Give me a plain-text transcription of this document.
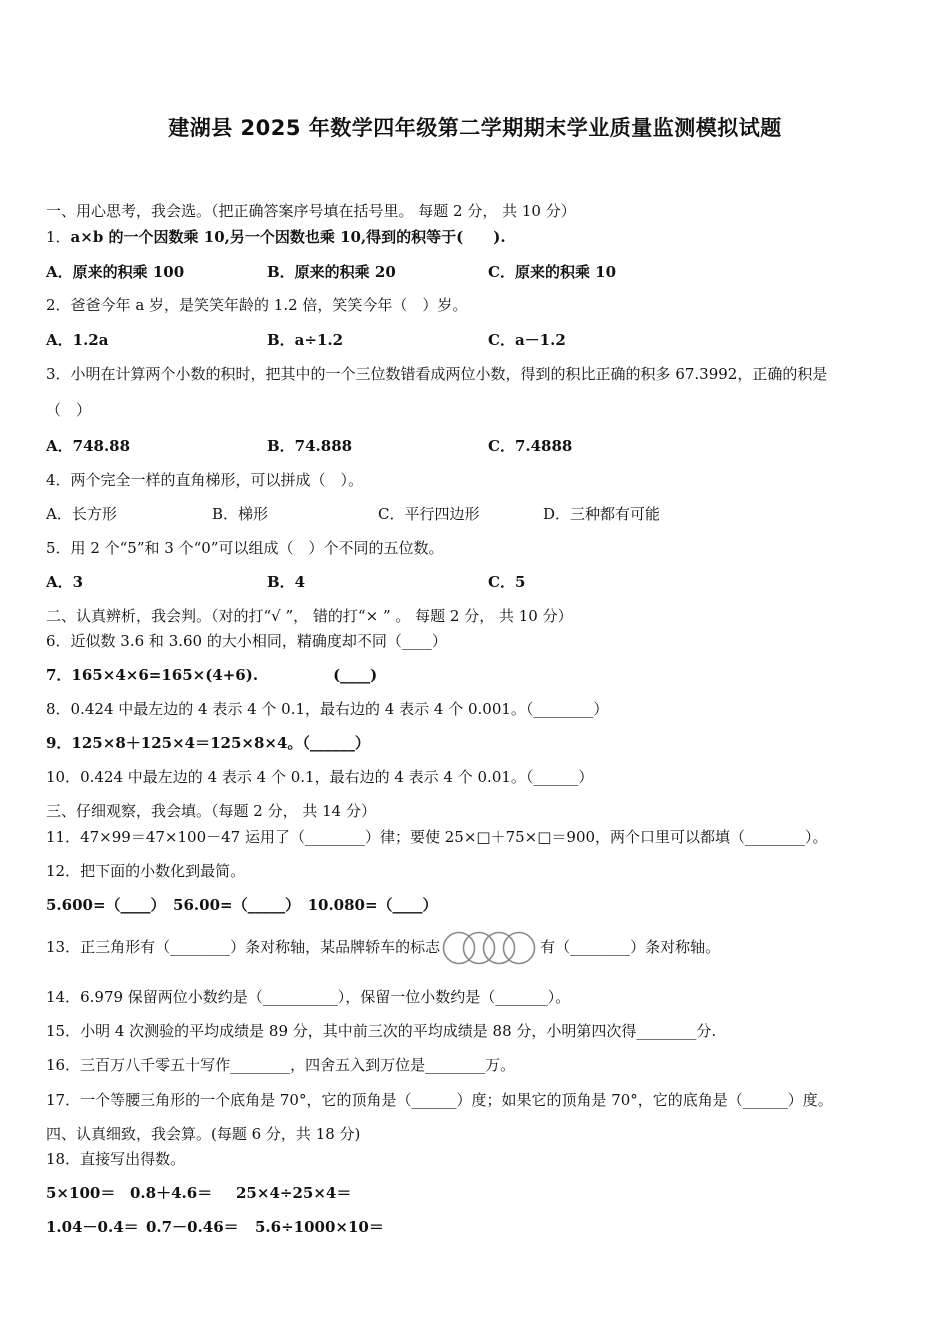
建湖县 2025 年数学四年级第二学期期末学业质量监测模拟试题
一、用心思考，我会选。（把正确答案序号填在括号里。 每题 2 分， 共 10 分）
1．a×b 的一个因数乘 10,另一个因数也乘 10,得到的积等于(　　).
A．原来的积乘 100	B．原来的积乘 20	C．原来的积乘 10
2．爸爸今年 a 岁，是笑笑年龄的 1.2 倍，笑笑今年（　）岁。
A．1.2a	B．a÷1.2	C．a－1.2
3．小明在计算两个小数的积时，把其中的一个三位数错看成两位小数，得到的积比正确的积多 67.3992，正确的积是
（　）
A．748.88	B．74.888	C．7.4888
4．两个完全一样的直角梯形，可以拼成（　）。
A．长方形	B．梯形	C．平行四边形	D．三种都有可能
5．用 2 个“5”和 3 个“0”可以组成（　）个不同的五位数。
A．3	B．4	C．5
二、认真辨析，我会判。（对的打“√ ”， 错的打“× ” 。 每题 2 分， 共 10 分）
6．近似数 3.6 和 3.60 的大小相同，精确度却不同（____）
7．165×4×6=165×(4+6).　　　　　(____)
8．0.424 中最左边的 4 表示 4 个 0.1，最右边的 4 表示 4 个 0.001。（________）
9．125×8＋125×4＝125×8×4。（______）
10．0.424 中最左边的 4 表示 4 个 0.1，最右边的 4 表示 4 个 0.01。（______）
三、仔细观察，我会填。（每题 2 分， 共 14 分）
11．47×99＝47×100－47 运用了（________）律；要使 25×□＋75×□＝900，两个口里可以都填（________）。
12．把下面的小数化到最简。
5.600=（____）　56.00=（_____）　10.080=（____）
13．正三角形有（________）条对称轴，某品牌轿车的标志	有（________）条对称轴。
14．6.979 保留两位小数约是（__________），保留一位小数约是（_______）。
15．小明 4 次测验的平均成绩是 89 分，其中前三次的平均成绩是 88 分，小明第四次得________分.
16．三百万八千零五十写作________，四舍五入到万位是________万。
17．一个等腰三角形的一个底角是 70°，它的顶角是（______）度；如果它的顶角是 70°，它的底角是（______）度。
四、认真细致，我会算。(每题 6 分，共 18 分)
18．直接写出得数。
5×100＝ 0.8＋4.6＝ 25×4÷25×4＝
1.04－0.4＝ 0.7－0.46＝ 5.6÷1000×10＝
